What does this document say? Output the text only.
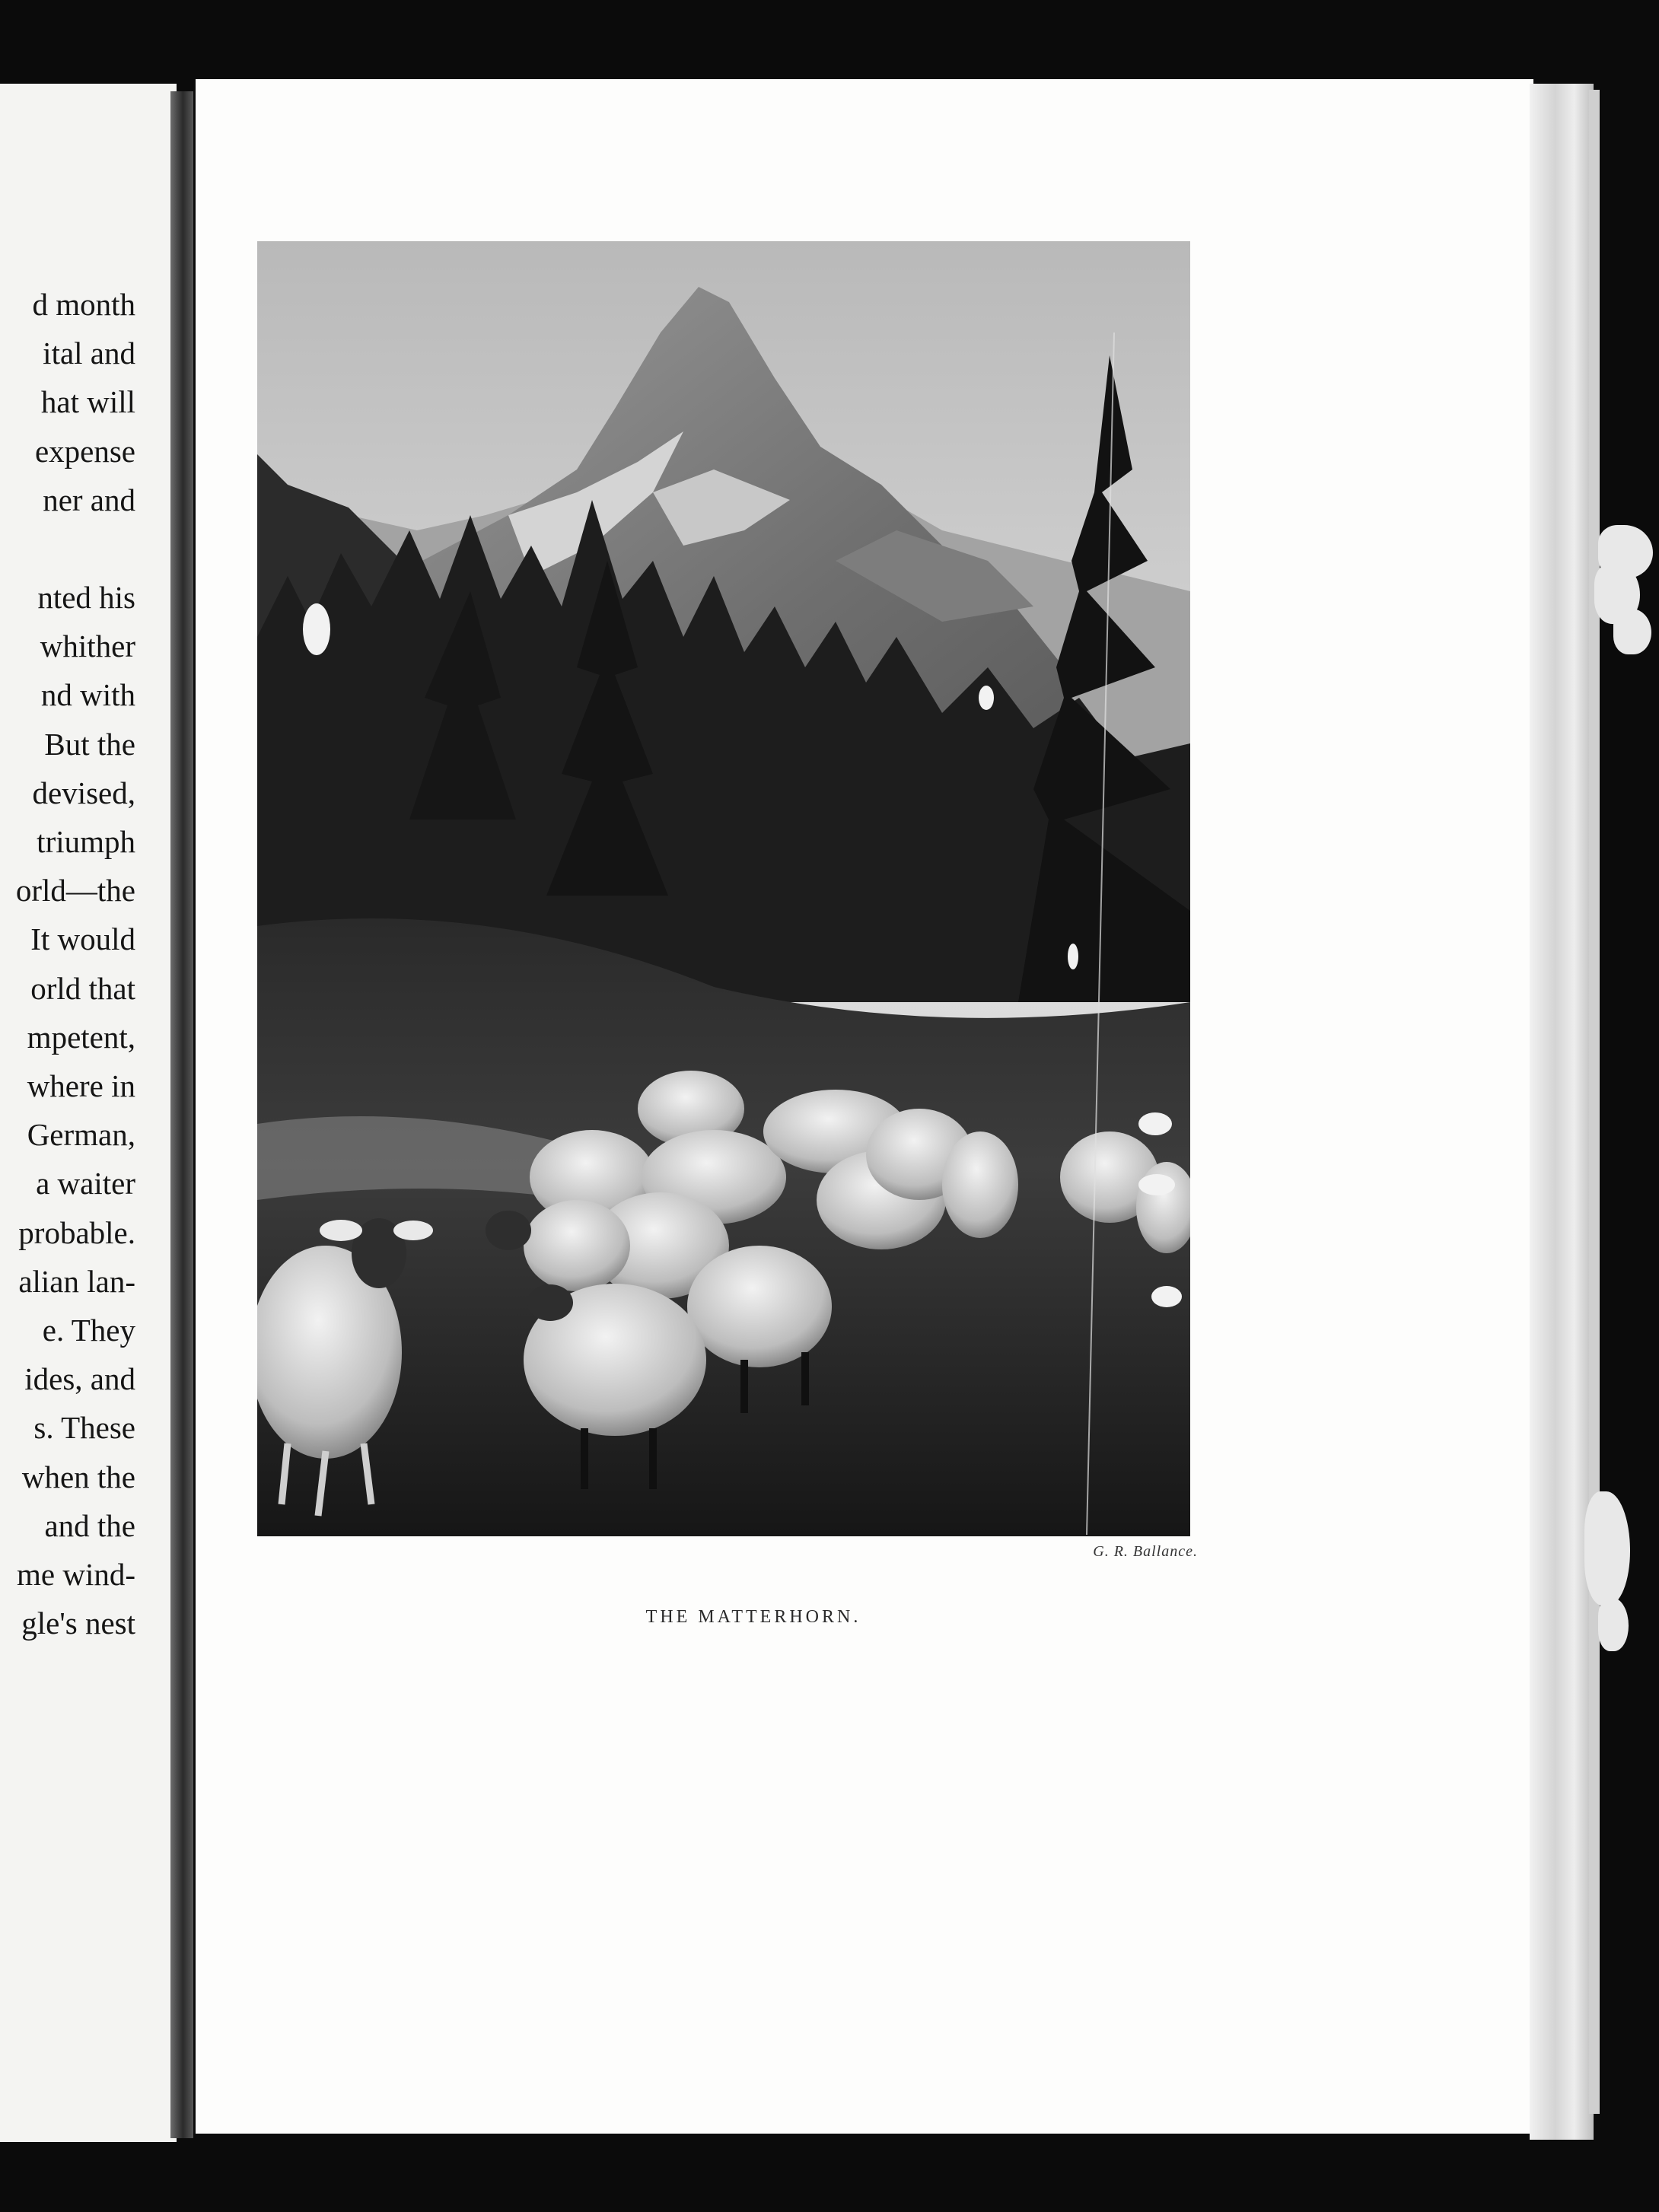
d month
ital and
hat will
expense
ner and
nted his
whither
nd with
But the
devised,
triumph
orld—the
It would
orld that
mpetent,
where in
German,
a waiter
probable.
alian lan-
e. They
ides, and
s. These
when the
and the
me wind-
gle's nest
G. R. Ballance.
THE MATTERHORN.
